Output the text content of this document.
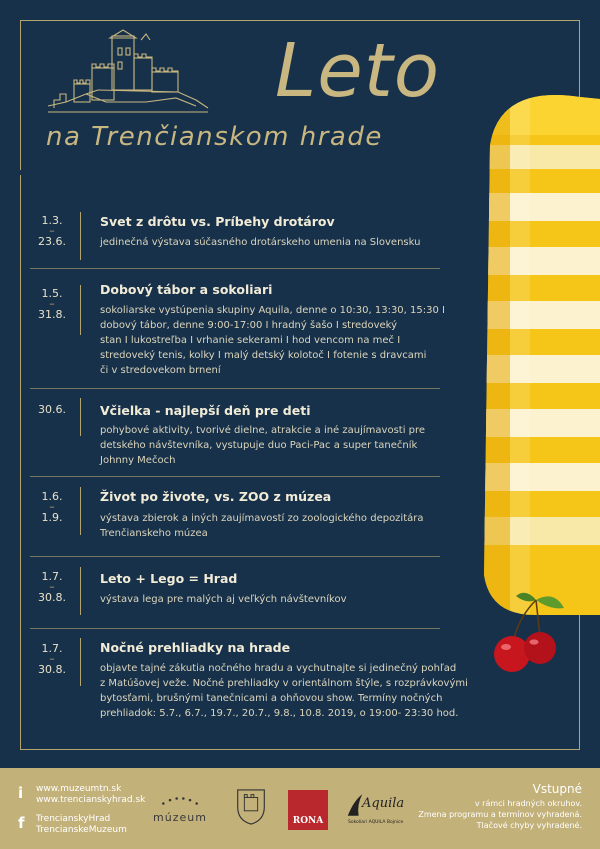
Leto
na Trenčianskom hrade
1.3.
–
23.6.
Svet z drôtu vs. Príbehy drotárov
jedinečná výstava súčasného drotárskeho umenia na Slovensku
1.5.
–
31.8.
Dobový tábor a sokoliari
sokoliarske vystúpenia skupiny Aquila, denne o 10:30, 13:30, 15:30 I
dobový tábor, denne 9:00-17:00 I hradný šašo I stredoveký
stan I lukostreľba I vrhanie sekerami I hod vencom na meč I
stredoveký tenis, kolky I malý detský kolotoč I fotenie s dravcami
či v stredovekom brnení
30.6.	Včielka - najlepší deň pre deti
pohybové aktivity, tvorivé dielne, atrakcie a iné zaujímavosti pre
detského návštevníka, vystupuje duo Paci-Pac a super tanečník
Johnny Mečoch
1.6.
–
1.9.
Život po živote, vs. ZOO z múzea
výstava zbierok a iných zaujímavostí zo zoologického depozitára
Trenčianskeho múzea
1.7.
–
30.8.
Leto + Lego = Hrad
výstava lega pre malých aj veľkých návštevníkov
1.7.
–
30.8.
Nočné prehliadky na hrade
objavte tajné zákutia nočného hradu a vychutnajte si jedinečný pohľad
z Matúšovej veže. Nočné prehliadky v orientálnom štýle, s rozprávkovými
bytosťami, brušnými tanečnicami a ohňovou show. Termíny nočných
prehliadok: 5.7., 6.7., 19.7., 20.7., 9.8., 10.8. 2019, o 19:00- 23:30 hod.
i www.muzeumtn.sk
www.trencianskyhrad.sk
f TrencianskyHrad
TrencianskeMuzeum
múzeum	RONA
Aquila
Sokoliari AQUILA Bojnice
Vstupné
v rámci hradných okruhov.
Zmena programu a termínov vyhradená.
Tlačové chyby vyhradené.
